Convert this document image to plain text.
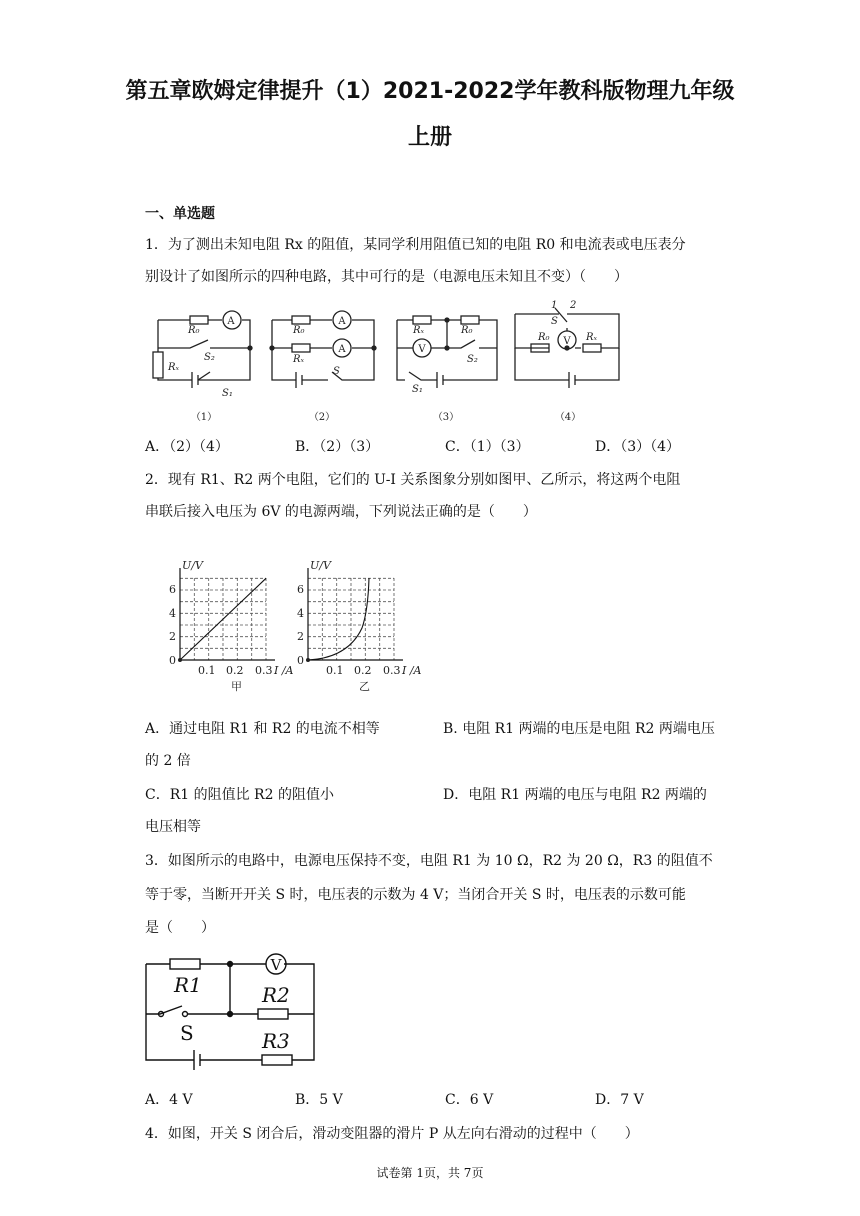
第五章欧姆定律提升（1）2021-2022学年教科版物理九年级
上册
一、单选题
1．为了测出未知电阻 Rx 的阻值，某同学利用阻值已知的电阻 R0 和电流表或电压表分
别设计了如图所示的四种电路，其中可行的是（电源电压未知且不变）（　　）
R₀
Rₓ
S₂
S₁
R₀
Rₓ
S
Rₓ	R₀
S₂
S₁
R₀	Rₓ
S
1 2
A	A
A	V
V
（1）	（2）	（3）	（4）
A．（2）（4）	B．（2）（3）	C．（1）（3）	D．（3）（4）
2．现有 R1、R2 两个电阻，它们的 U-I 关系图象分别如图甲、乙所示，将这两个电阻
串联后接入电压为 6V 的电源两端，下列说法正确的是（　　）
0
2
4
6
0.1 0.2 0.3
U/V
I /A
甲
0
2
4
6
0.1 0.2 0.3
U/V
I /A
乙
A．通过电阻 R1 和 R2 的电流不相等	B. 电阻 R1 两端的电压是电阻 R2 两端电压
的 2 倍
C．R1 的阻值比 R2 的阻值小	D．电阻 R1 两端的电压与电阻 R2 两端的
电压相等
3．如图所示的电路中，电源电压保持不变，电阻 R1 为 10 Ω，R2 为 20 Ω，R3 的阻值不
等于零，当断开开关 S 时，电压表的示数为 4 V；当闭合开关 S 时，电压表的示数可能
是（　　）
R1	R2
R3
S
V
A．4 V	B．5 V	C．6 V	D．7 V
4．如图，开关 S 闭合后，滑动变阻器的滑片 P 从左向右滑动的过程中（　　）
试卷第 1页，共 7页
